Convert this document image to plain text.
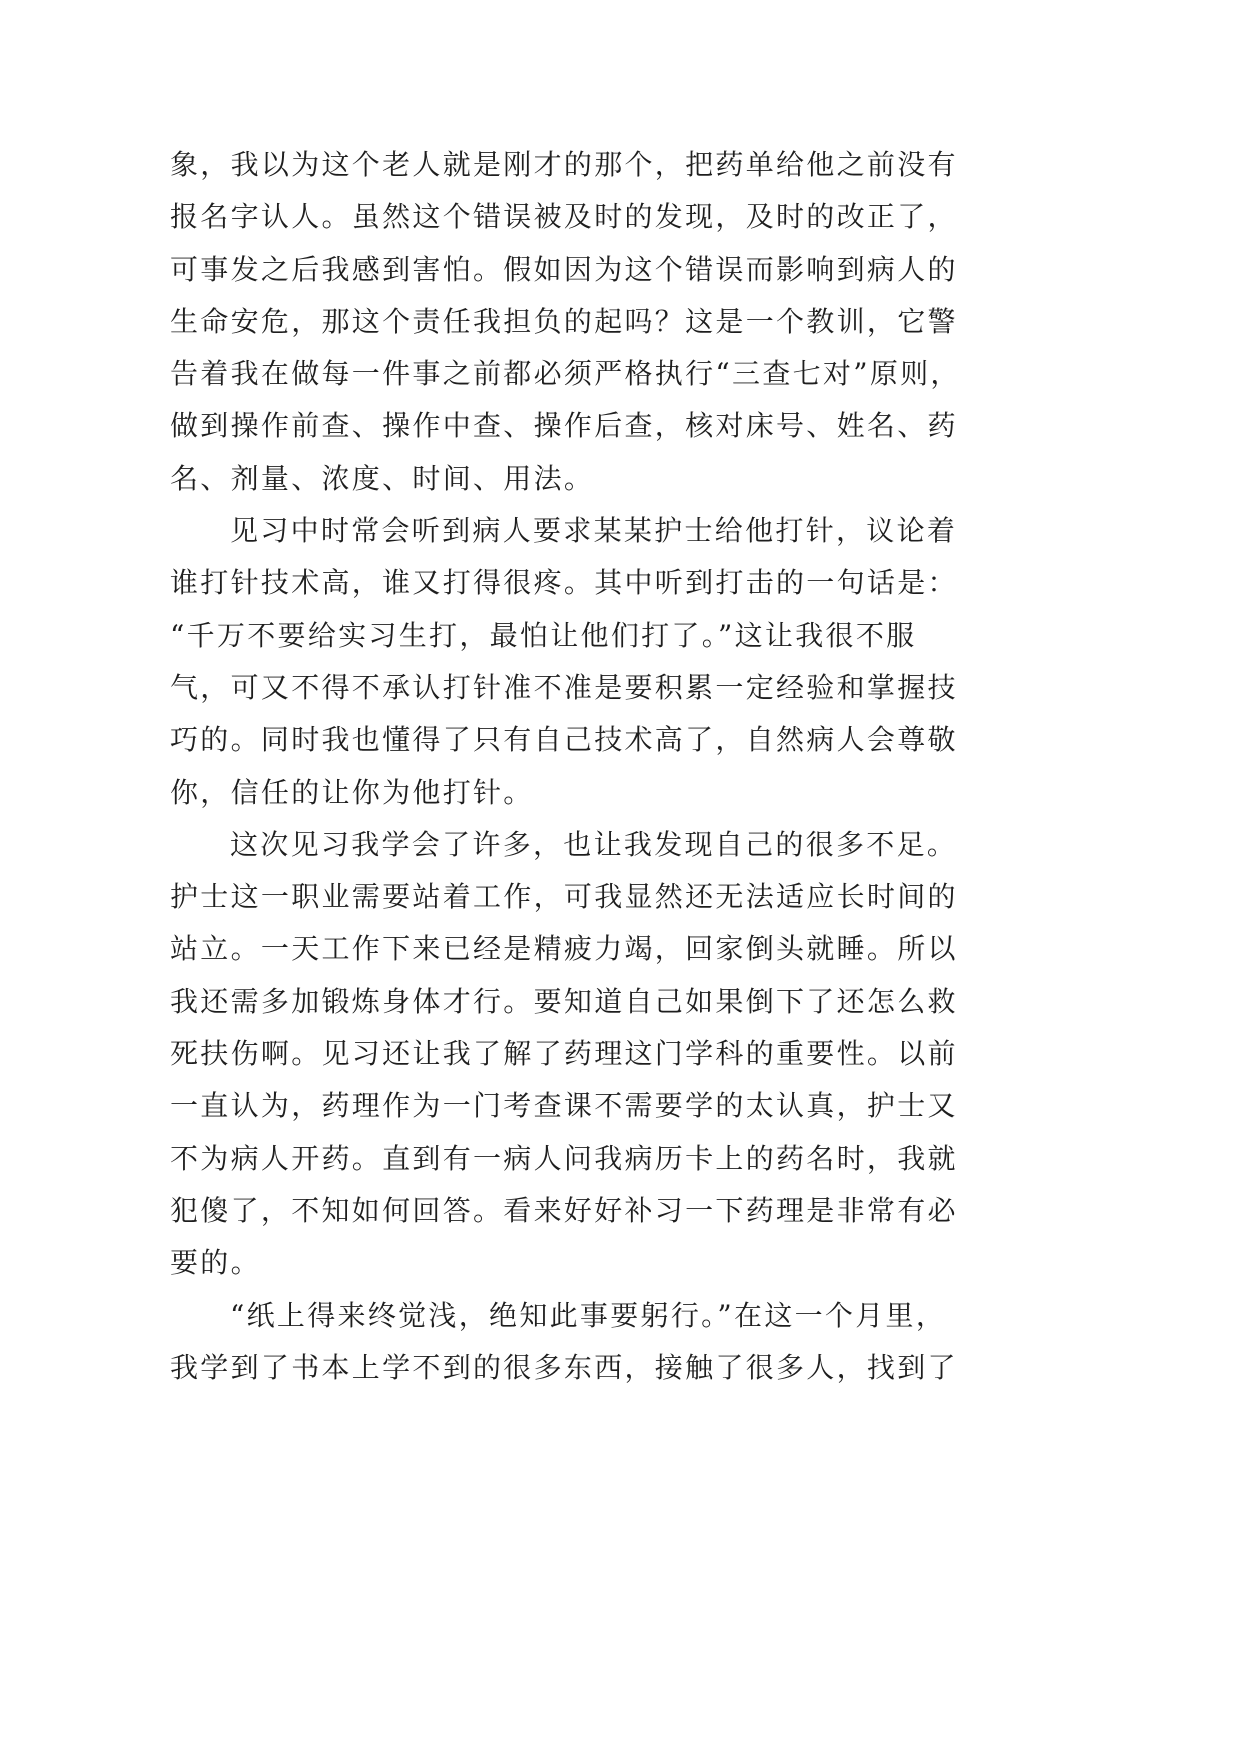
象，我以为这个老人就是刚才的那个，把药单给他之前没有
报名字认人。虽然这个错误被及时的发现，及时的改正了，
可事发之后我感到害怕。假如因为这个错误而影响到病人的
生命安危，那这个责任我担负的起吗？这是一个教训，它警
告着我在做每一件事之前都必须严格执行“三查七对”原则，
做到操作前查、操作中查、操作后查，核对床号、姓名、药
名、剂量、浓度、时间、用法。
见习中时常会听到病人要求某某护士给他打针，议论着
谁打针技术高，谁又打得很疼。其中听到打击的一句话是：
“千万不要给实习生打，最怕让他们打了。”这让我很不服
气，可又不得不承认打针准不准是要积累一定经验和掌握技
巧的。同时我也懂得了只有自己技术高了，自然病人会尊敬
你，信任的让你为他打针。
这次见习我学会了许多，也让我发现自己的很多不足。
护士这一职业需要站着工作，可我显然还无法适应长时间的
站立。一天工作下来已经是精疲力竭，回家倒头就睡。所以
我还需多加锻炼身体才行。要知道自己如果倒下了还怎么救
死扶伤啊。见习还让我了解了药理这门学科的重要性。以前
一直认为，药理作为一门考查课不需要学的太认真，护士又
不为病人开药。直到有一病人问我病历卡上的药名时，我就
犯傻了，不知如何回答。看来好好补习一下药理是非常有必
要的。
“纸上得来终觉浅，绝知此事要躬行。”在这一个月里，
我学到了书本上学不到的很多东西，接触了很多人，找到了
